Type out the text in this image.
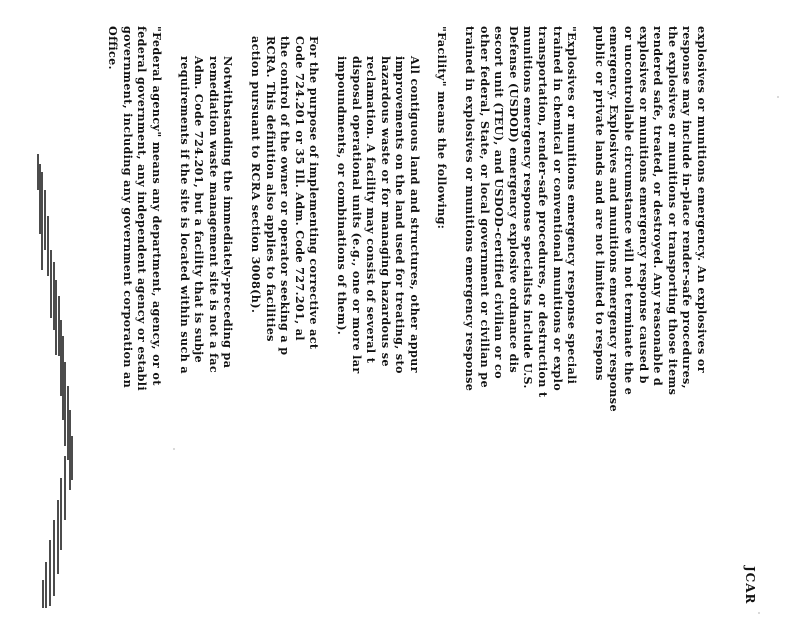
JCAR
explosives or munitions emergency. An explosives or
response may include in-place render-safe procedures,
the explosives or munitions or transporting those items
rendered safe, treated, or destroyed. Any reasonable d
explosives or munitions emergency response caused b
or uncontrollable circumstance will not terminate the e
emergency. Explosives and munitions emergency response
public or private lands and are not limited to respons
"Explosives or munitions emergency response speciali
trained in chemical or conventional munitions or explo
transportation, render-safe procedures, or destruction t
munitions emergency response specialists include U.S.
Defense (USDOD) emergency explosive ordnance dis
escort unit (TEU), and USDOD-certified civilian or co
other federal, State, or local government or civilian pe
trained in explosives or munitions emergency response
"Facility" means the following:
All contiguous land and structures, other appur
improvements on the land used for treating, sto
hazardous waste or for managing hazardous se
reclamation. A facility may consist of several t
disposal operational units (e.g., one or more lar
impoundments, or combinations of them).
For the purpose of implementing corrective act
Code 724.201 or 35 Ill. Adm. Code 727.201, al
the control of the owner or operator seeking a p
RCRA. This definition also applies to facilities
action pursuant to RCRA section 3008(h).
Notwithstanding the immediately-preceding pa
remediation waste management site is not a fac
Adm. Code 724.201, but a facility that is subje
requirements if the site is located within such a
"Federal agency" means any department, agency, or ot
federal government, any independent agency or establi
government, including any government corporation an
Office.
